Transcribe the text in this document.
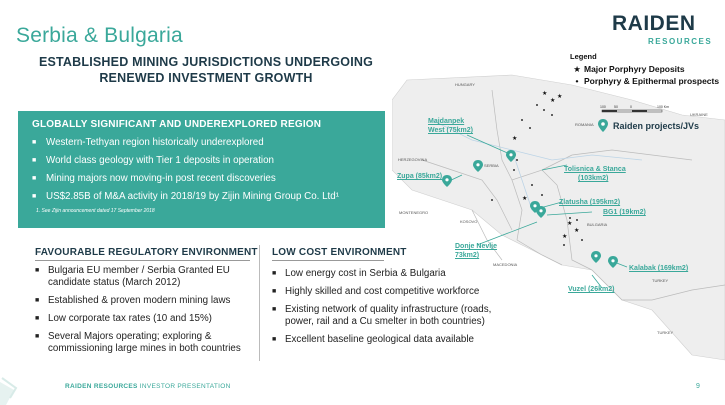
Serbia & Bulgaria
ESTABLISHED MINING JURISDICTIONS UNDERGOING RENEWED INVESTMENT GROWTH
RAIDEN
RESOURCES
GLOBALLY SIGNIFICANT AND UNDEREXPLORED REGION
■ Western-Tethyan region historically underexplored
■ World class geology with Tier 1 deposits in operation
■ Mining majors now moving-in post recent discoveries
■ US$2.85B of M&A activity in 2018/19 by Zijin Mining Group Co. Ltd¹
1. See Zijin announcement dated 17 September 2018
FAVOURABLE REGULATORY ENVIRONMENT
■ Bulgaria EU member / Serbia Granted EU candidate status (March 2012)
■ Established & proven modern mining laws
■ Low corporate tax rates (10 and 15%)
■ Several Majors operating; exploring & commissioning large mines in both countries
LOW COST ENVIRONMENT
■ Low energy cost in Serbia & Bulgaria
■ Highly skilled and cost competitive workforce
■ Existing network of quality infrastructure (roads, power, rail and a Cu smelter in both countries)
■ Excellent baseline geological data available
★
★
★
★
★
★
★
★
100 50	0	100 Km
HUNGARY
ROMANIA
UKRAINE
SERBIA
HERZEGOVINA
MONTENEGRO
KOSOVO
BULGARIA
MACEDONIA
TURKEY
TURKEY
Legend
★ Major Porphyry Deposits
• Porphyry & Epithermal prospects
Raiden projects/JVs
Majdanpek
West (75km2)
Tolisnica & Stanca
(103km2)
Zupa (85km2)
Zlatusha (195km2)
BG1 (19km2)
Donje Nevlje
73km2)
Kalabak (169km2)
Vuzel (26km2)
RAIDEN RESOURCES INVESTOR PRESENTATION	9
